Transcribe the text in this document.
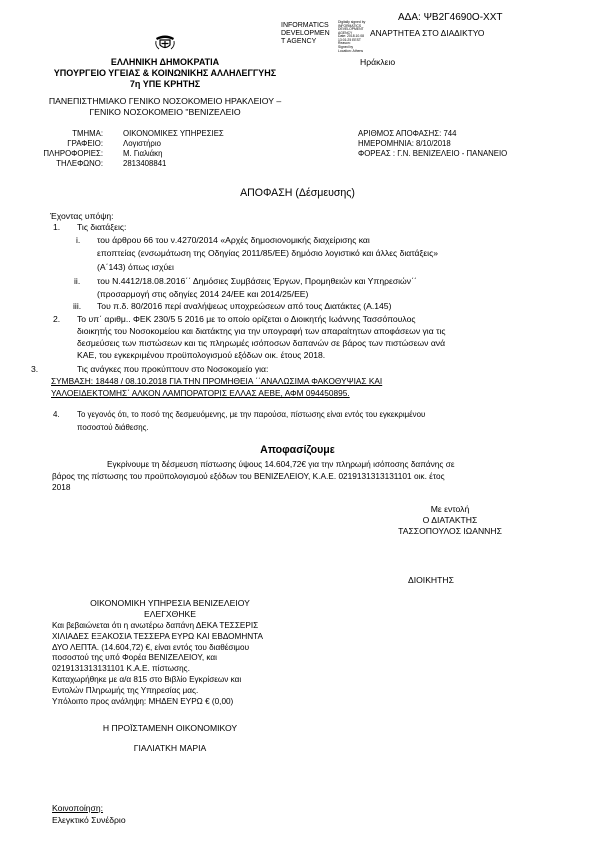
ΑΔΑ: ΨΒ2Γ4690Ο-ΧΧΤ
INFORMATICS
DEVELOPMEN
T AGENCY
Digitally signed by
INFORMATICS
DEVELOPMENT
AGENCY
Date: 2018.10.08
13:01:25 EEST
Reason:
Signed by
Location: Athens
ΑΝΑΡΤΗΤΕΑ ΣΤΟ ΔΙΑΔΙΚΤΥΟ
Ηράκλειο
ΕΛΛΗΝΙΚΗ ΔΗΜΟΚΡΑΤΙΑ
ΥΠΟΥΡΓΕΙΟ ΥΓΕΙΑΣ & ΚΟΙΝΩΝΙΚΗΣ ΑΛΛΗΛΕΓΓΥΗΣ
7η ΥΠΕ ΚΡΗΤΗΣ
ΠΑΝΕΠΙΣΤΗΜΙΑΚΟ ΓΕΝΙΚΟ ΝΟΣΟΚΟΜΕΙΟ ΗΡΑΚΛΕΙΟΥ –
ΓΕΝΙΚΟ ΝΟΣΟΚΟΜΕΙΟ "ΒΕΝΙΖΕΛΕΙΟ
ΤΜΗΜΑ:	ΟΙΚΟΝΟΜΙΚΕΣ ΥΠΗΡΕΣΙΕΣ
ΓΡΑΦΕΙΟ:	Λογιστήριο
ΠΛΗΡΟΦΟΡΙΕΣ:	Μ. Γιαλιάκη
ΤΗΛΕΦΩΝΟ:	2813408841
ΑΡΙΘΜΟΣ ΑΠΟΦΑΣΗΣ: 744
ΗΜΕΡΟΜΗΝΙΑ: 8/10/2018
ΦΟΡΕΑΣ : Γ.Ν. ΒΕΝΙΖΕΛΕΙΟ - ΠΑΝΑΝΕΙΟ
ΑΠΟΦΑΣΗ (Δέσμευσης)
Έχοντας υπόψη:
1. Τις διατάξεις:
i. του άρθρου 66 του ν.4270/2014 «Αρχές δημοσιονομικής διαχείρισης και
εποπτείας (ενσωμάτωση της Οδηγίας 2011/85/ΕΕ) δημόσιο λογιστικό και άλλες διατάξεις»
(Α΄143) όπως ισχύει
ii. του Ν.4412/18.08.2016΄΄ Δημόσιες Συμβάσεις Έργων, Προμηθειών και Υπηρεσιών΄΄
(προσαρμογή στις οδηγίες 2014 24/ΕΕ και 2014/25/ΕΕ)
iii. Του π.δ. 80/2016 περί αναλήψεως υποχρεώσεων από τους Διατάκτες (Α.145)
2. Το υπ΄ αριθμ.. ΦΕΚ 230/5 5 2016 με το οποίο ορίζεται ο Διοικητής Ιωάννης Τασσόπουλος
διοικητής του Νοσοκομείου και διατάκτης για την υπογραφή των απαραίτητων αποφάσεων για τις
δεσμεύσεις των πιστώσεων και τις πληρωμές ισόποσων δαπανών σε βάρος των πιστώσεων ανά
ΚΑΕ, του εγκεκριμένου προϋπολογισμού εξόδων οικ. έτους 2018.
3.	Τις ανάγκες που προκύπτουν στο Νοσοκομείο για:
ΣΥΜΒΑΣΗ: 18448 / 08.10.2018 ΓΙΑ ΤΗΝ ΠΡΟΜΗΘΕΙΑ ΄΄ΑΝΑΛΩΣΙΜΑ ΦΑΚΟΘΥΨΙΑΣ ΚΑΙ
ΥΑΛΟΕΙΔΕΚΤΟΜΗΣ΄ ΑΛΚΟΝ ΛΑΜΠΟΡΑΤΟΡΙΣ ΕΛΛΑΣ ΑΕΒΕ, ΑΦΜ 094450895.
4. Το γεγονός ότι, το ποσό της δεσμευόμενης, με την παρούσα, πίστωσης είναι εντός του εγκεκριμένου
ποσοστού διάθεσης.
Αποφασίζουμε
Εγκρίνουμε τη δέσμευση πίστωσης ύψους 14.604,72€ για την πληρωμή ισόποσης δαπάνης σε
βάρος της πίστωσης του προϋπολογισμού εξόδων του ΒΕΝΙΖΕΛΕΙΟΥ, Κ.Α.Ε. 0219131313131101 οικ. έτος
2018
Με εντολή
Ο ΔΙΑΤΑΚΤΗΣ
ΤΑΣΣΟΠΟΥΛΟΣ ΙΩΑΝΝΗΣ
ΔΙΟΙΚΗΤΗΣ
ΟΙΚΟΝΟΜΙΚΗ ΥΠΗΡΕΣΙΑ ΒΕΝΙΖΕΛΕΙΟΥ
ΕΛΕΓΧΘΗΚΕ
Και βεβαιώνεται ότι η ανωτέρω δαπάνη ΔΕΚΑ ΤΕΣΣΕΡΙΣ
ΧΙΛΙΑΔΕΣ ΕΞΑΚΟΣΙΑ ΤΕΣΣΕΡΑ ΕΥΡΩ ΚΑΙ ΕΒΔΟΜΗΝΤΑ
ΔΥΟ ΛΕΠΤΑ. (14.604,72) €, είναι εντός του διαθέσιμου
ποσοστού της υπό Φορέα ΒΕΝΙΖΕΛΕΙΟΥ, και
0219131313131101 Κ.Α.Ε. πίστωσης.
Καταχωρήθηκε με α/α 815 στο Βιβλίο Εγκρίσεων και
Εντολών Πληρωμής της Υπηρεσίας μας.
Υπόλοιπο προς ανάληψη: ΜΗΔΕΝ ΕΥΡΩ € (0,00)
Η ΠΡΟΪΣΤΑΜΕΝΗ ΟΙΚΟΝΟΜΙΚΟΥ
ΓΙΑΛΙΑΤΚΗ ΜΑΡΙΑ
Κοινοποίηση:
Ελεγκτικό Συνέδριο
